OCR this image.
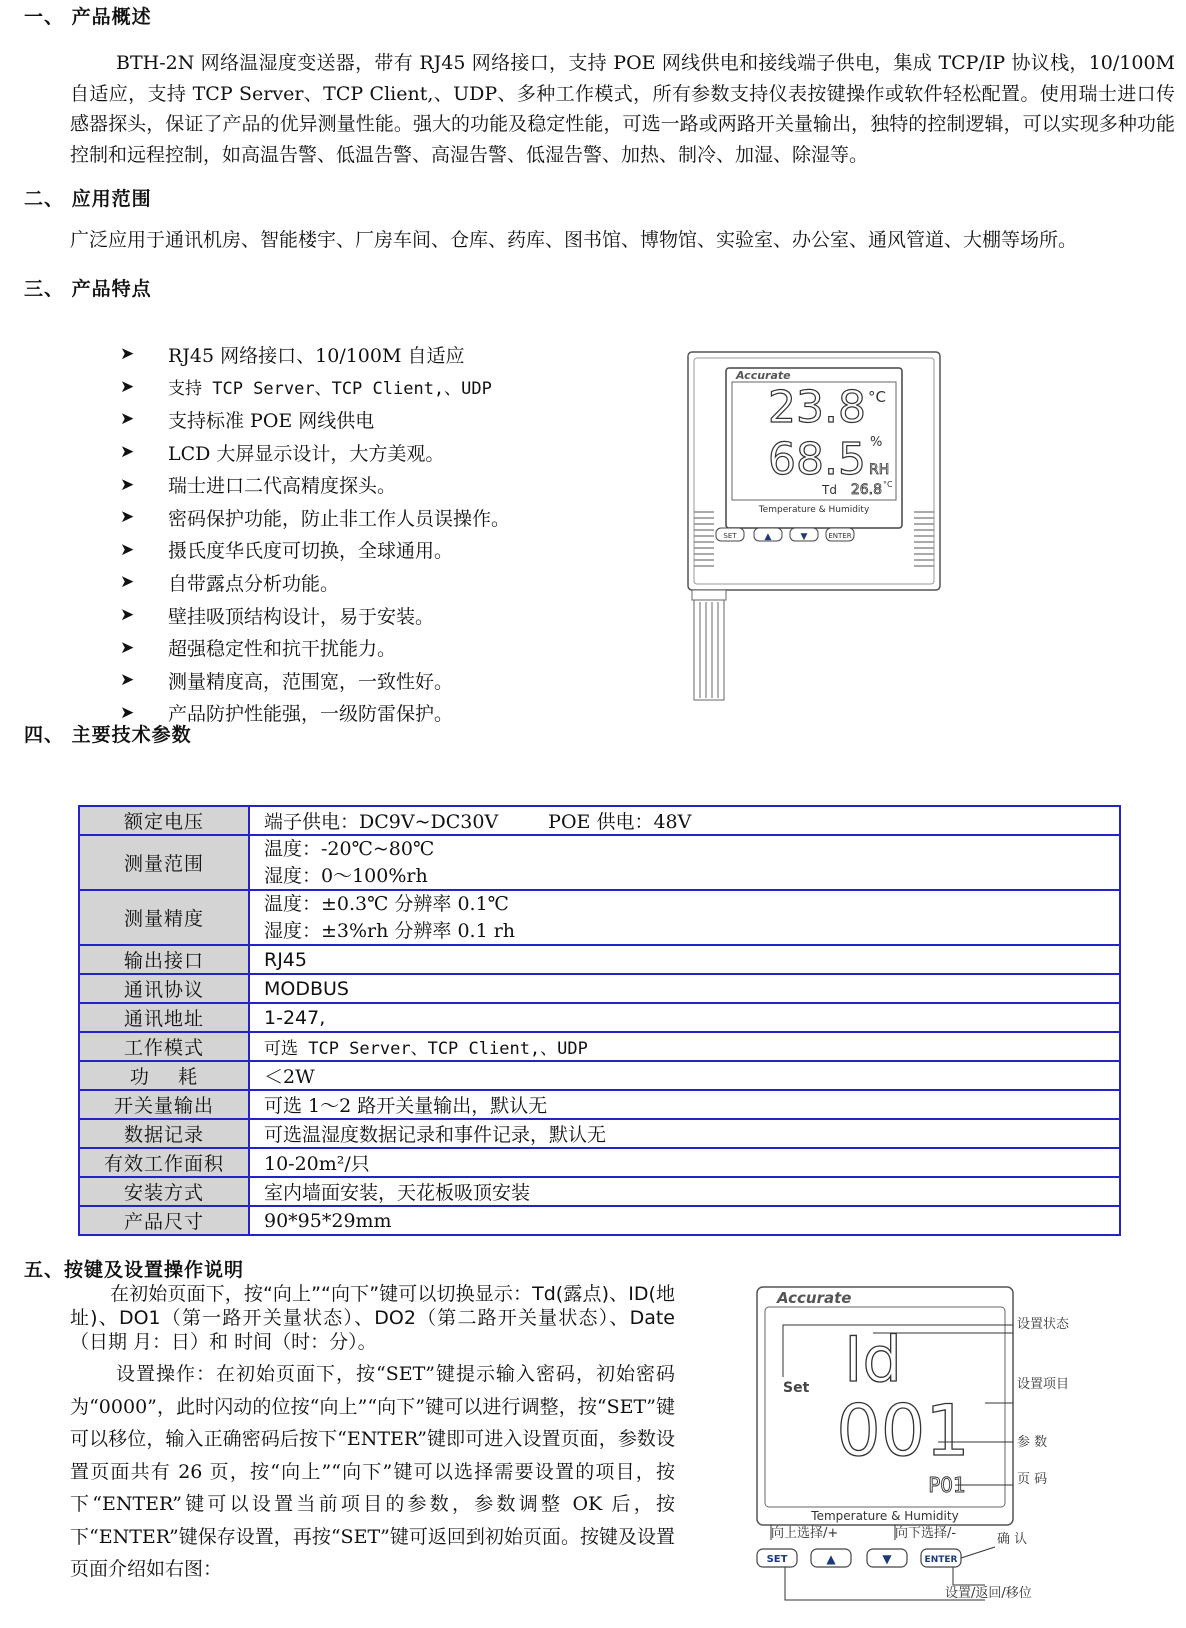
一、 产品概述
BTH-2N 网络温湿度变送器，带有 RJ45 网络接口，支持 POE 网线供电和接线端子供电，集成 TCP/IP 协议栈，10/100M 自适应，支持 TCP Server、TCP Client,、UDP、多种工作模式，所有参数支持仪表按键操作或软件轻松配置。使用瑞士进口传感器探头，保证了产品的优异测量性能。强大的功能及稳定性能，可选一路或两路开关量输出，独特的控制逻辑，可以实现多种功能控制和远程控制，如高温告警、低温告警、高湿告警、低湿告警、加热、制冷、加湿、除湿等。
二、 应用范围
广泛应用于通讯机房、智能楼宇、厂房车间、仓库、药库、图书馆、博物馆、实验室、办公室、通风管道、大棚等场所。
三、 产品特点
➤	RJ45 网络接口、10/100M 自适应
➤	支持 TCP Server、TCP Client,、UDP
➤	支持标准 POE 网线供电
➤	LCD 大屏显示设计，大方美观。
➤	瑞士进口二代高精度探头。
➤	密码保护功能，防止非工作人员误操作。
➤	摄氏度华氏度可切换，全球通用。
➤	自带露点分析功能。
➤	壁挂吸顶结构设计，易于安装。
➤	超强稳定性和抗干扰能力。
➤	测量精度高，范围宽，一致性好。
➤	产品防护性能强，一级防雷保护。
Accurate
23.8 °C
68.5 %
RH
Td 26.8 °C
Temperature & Humidity
SET	▲	▼	ENTER
四、 主要技术参数
额定电压	端子供电：DC9V~DC30V POE 供电：48V
测量范围	温度：-20℃~80℃
湿度：0～100%rh

测量精度	温度：±0.3℃ 分辨率 0.1℃
湿度：±3%rh 分辨率 0.1 rh

输出接口	RJ45
通讯协议	MODBUS
通讯地址	1-247,
工作模式	可选 TCP Server、TCP Client,、UDP
功    耗	＜2W
开关量输出	可选 1～2 路开关量输出，默认无
数据记录	可选温湿度数据记录和事件记录，默认无
有效工作面积	10-20m²/只
安装方式	室内墙面安装，天花板吸顶安装
产品尺寸	90*95*29mm
五、按键及设置操作说明
在初始页面下，按“向上”“向下”键可以切换显示：Td(露点)、ID(地址)、DO1（第一路开关量状态）、DO2（第二路开关量状态）、Date（日期 月：日）和 时间（时：分）。
设置操作：在初始页面下，按“SET”键提示输入密码，初始密码为“0000”，此时闪动的位按“向上”“向下”键可以进行调整，按“SET”键可以移位，输入正确密码后按下“ENTER”键即可进入设置页面，参数设置页面共有 26 页，按“向上”“向下”键可以选择需要设置的项目，按下“ENTER”键可以设置当前项目的参数，参数调整 OK 后，按下“ENTER”键保存设置，再按“SET”键可返回到初始页面。按键及设置页面介绍如右图：
Accurate
Set Id
001
P01
Temperature & Humidity
设置状态
设置项目
参 数
页 码
向上选择/+	向下选择/-	确 认
设置/返回/移位
SET	▲	▼	ENTER
